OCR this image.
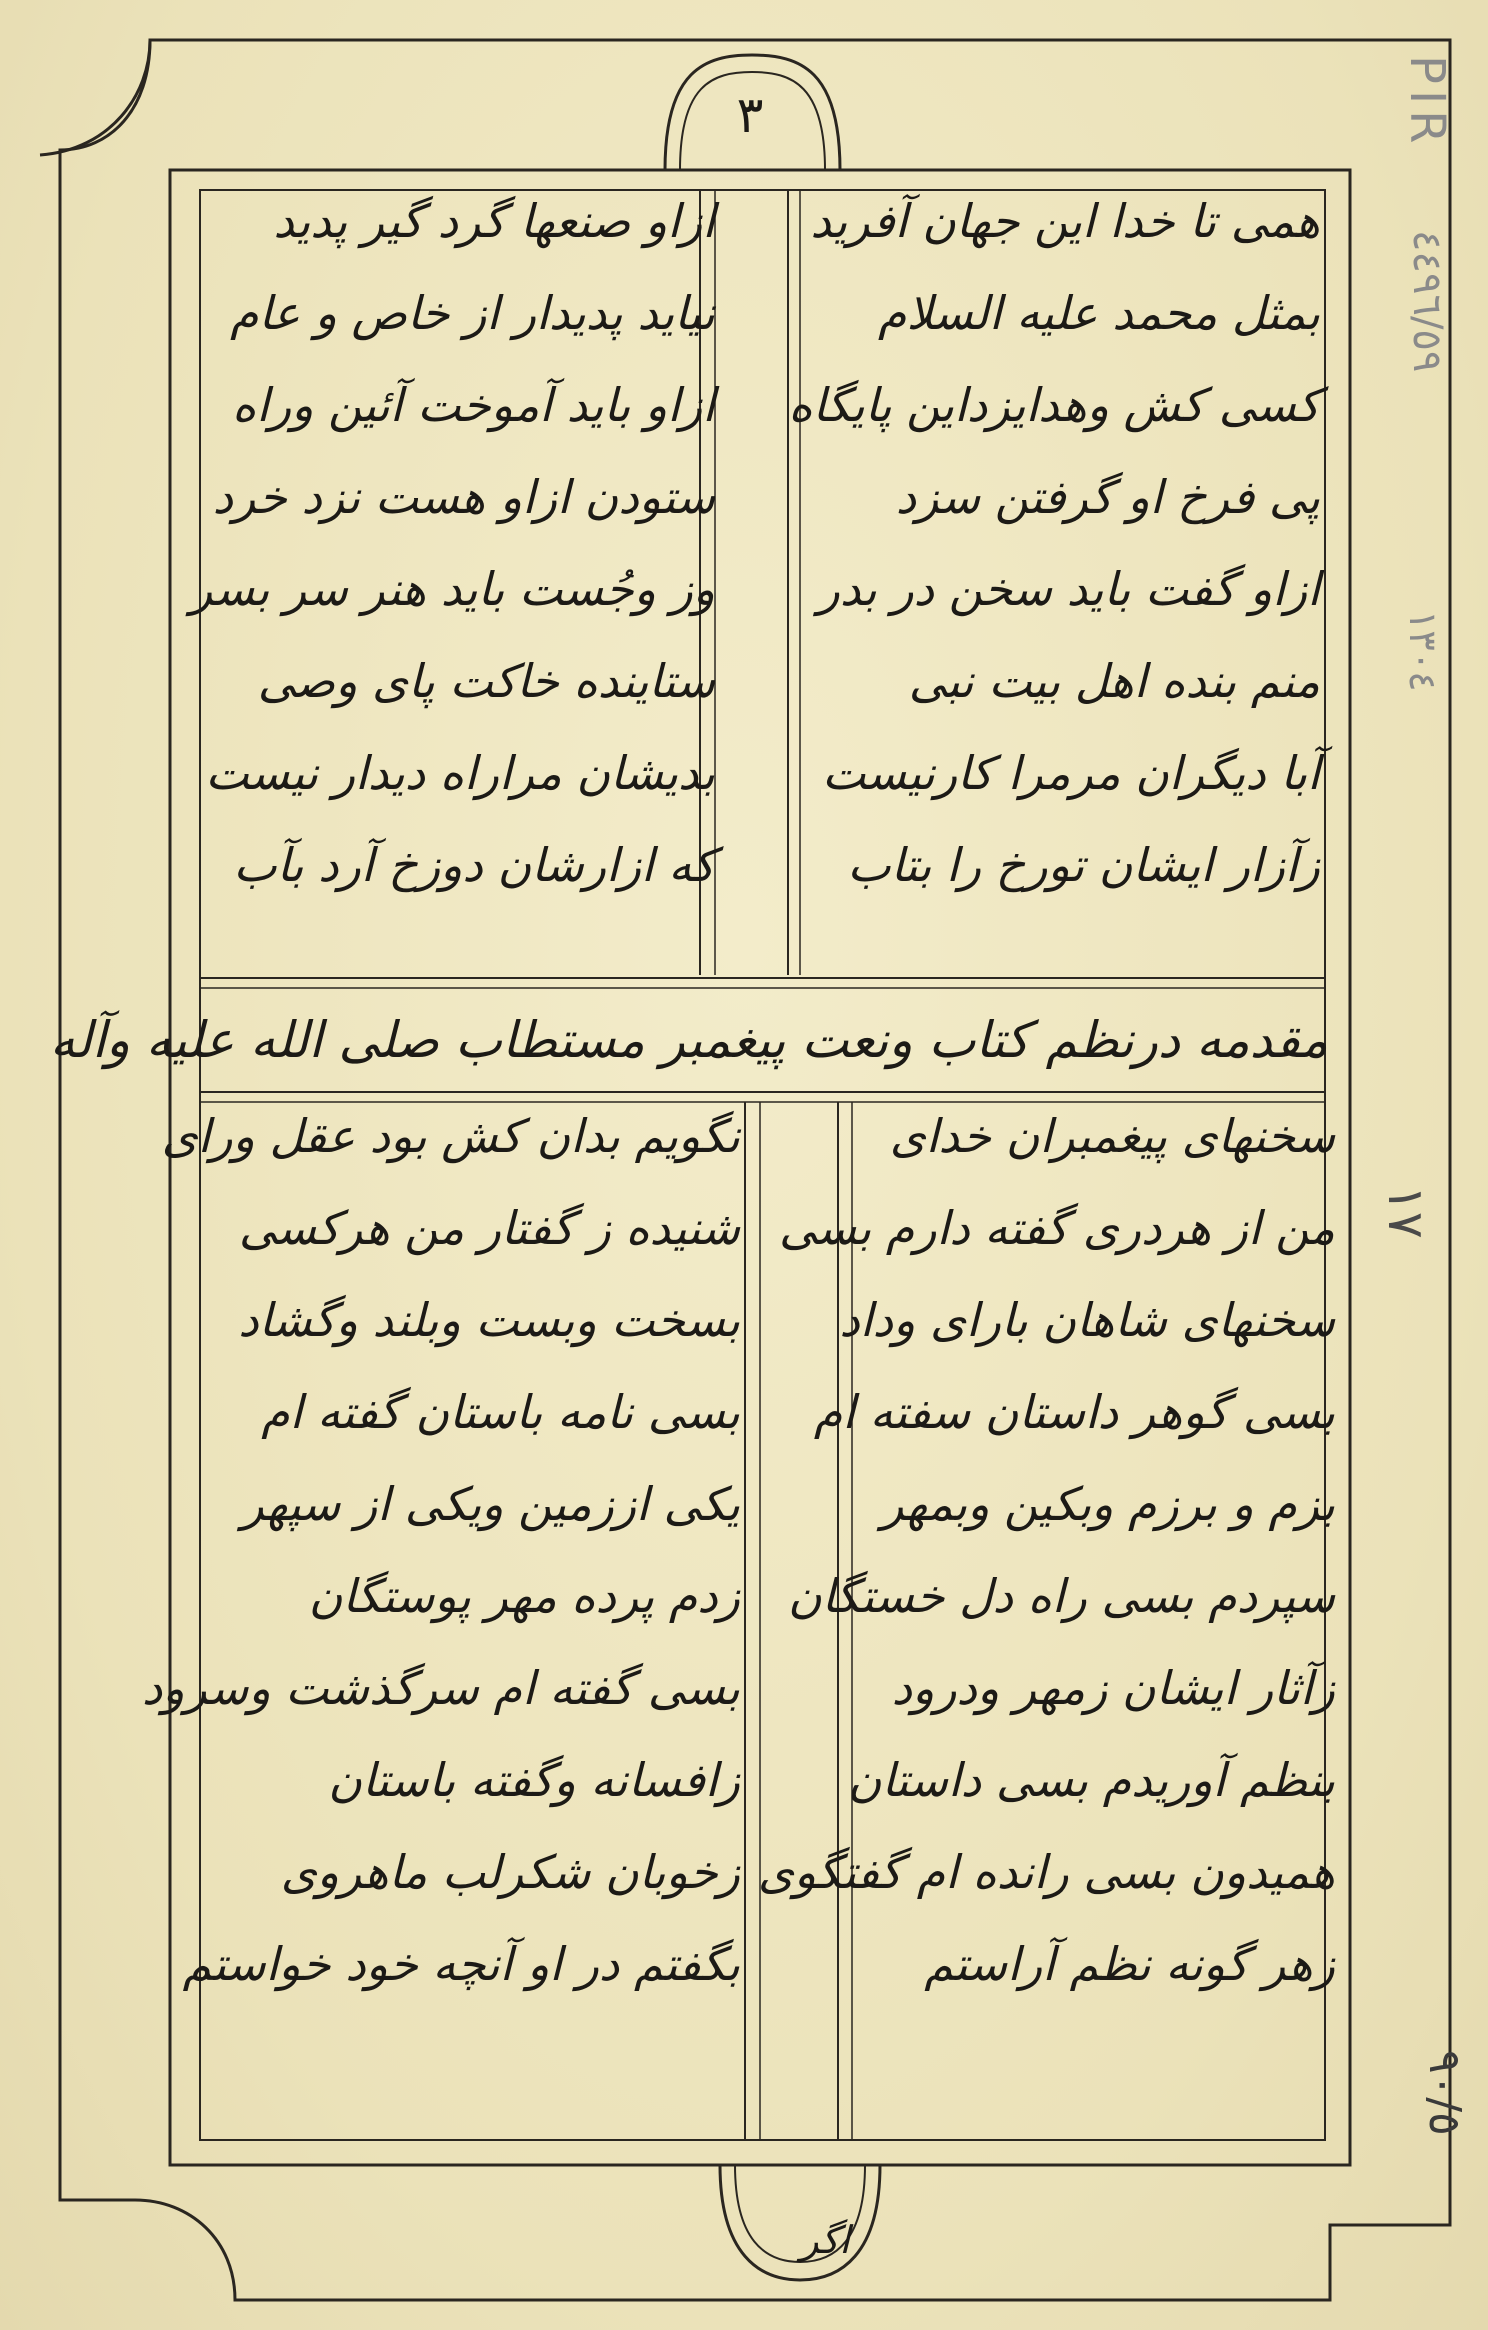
٣
همی تا خدا این جهان آفرید
بمثل محمد علیه السلام
کسی کش وهدایزداین پایگاه
پی فرخ او گرفتن سزد
ازاو گفت باید سخن در بدر
منم بنده اهل بیت نبی
آبا دیگران مرمرا کارنیست
زآزار ایشان تورخ را بتاب
ازاو صنعها گرد گیر پدید
نیاید پدیدار از خاص و عام
ازاو باید آموخت آئین وراه
ستودن ازاو هست نزد خرد
وز وجُست باید هنر سر بسر
ستاینده خاکت پای وصی
بدیشان مراراه دیدار نیست
که ازارشان دوزخ آرد بآب
مقدمه درنظم کتاب ونعت پیغمبر مستطاب صلی الله علیه وآله
سخنهای پیغمبران خدای
من از هردری گفته دارم بسی
سخنهای شاهان باراى وداد
بسی گوهر داستان سفته ام
بزم و برزم وبکین وبمهر
سپردم بسی راه دل خستگان
زآثار ایشان زمهر ودرود
بنظم آوریدم بسی داستان
همیدون بسی رانده ام گفتگوی
زهر گونه نظم آراستم
نگویم بدان کش بود عقل ورای
شنیده ز گفتار من هرکسی
بسخت وبست وبلند وگشاد
بسی نامه باستان گفته ام
یکی اززمین ویکی از سپهر
زدم پرده مهر پوستگان
بسی گفته ام سرگذشت وسرود
زافسانه وگفته باستان
زخوبان شکرلب ماهروی
بگفتم در او آنچه خود خواستم
اگر
PIR
٤٤٩٦/٥٩
١٣٠٤
١٧
٩٠/٥
